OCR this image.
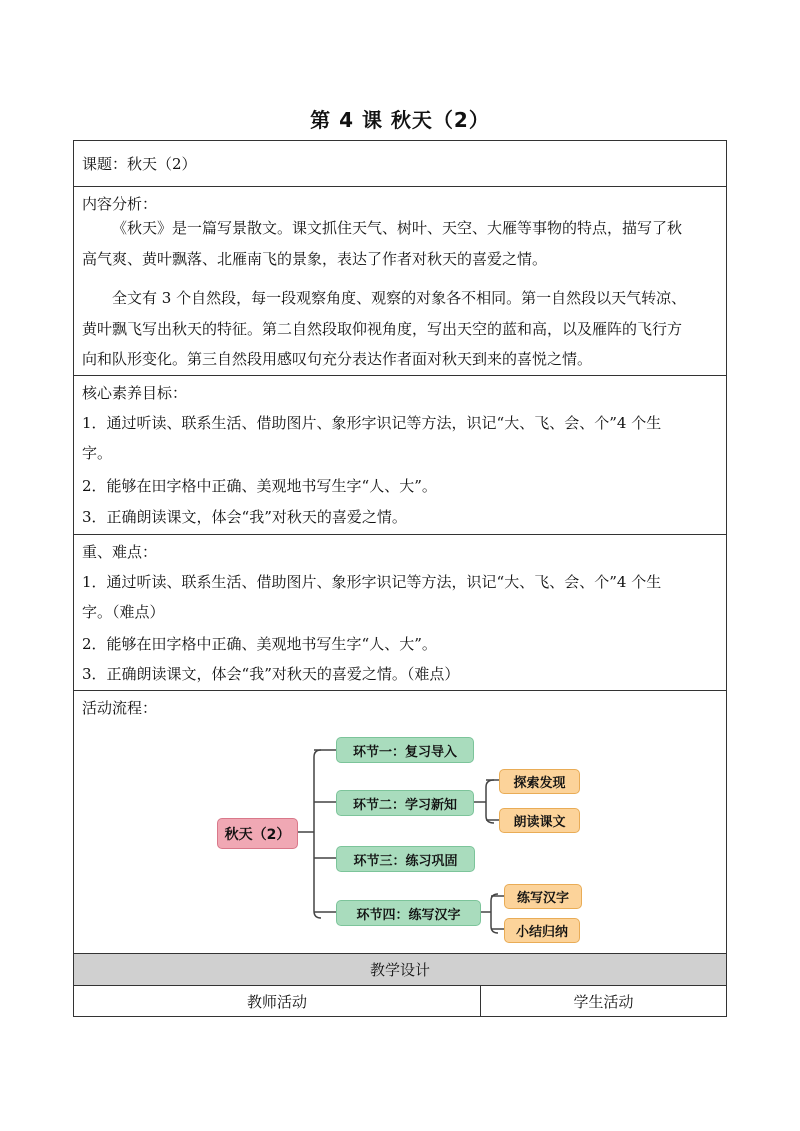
第 4 课 秋天（2）
课题：秋天（2）
内容分析：
《秋天》是一篇写景散文。课文抓住天气、树叶、天空、大雁等事物的特点，描写了秋
高气爽、黄叶飘落、北雁南飞的景象，表达了作者对秋天的喜爱之情。
全文有 3 个自然段，每一段观察角度、观察的对象各不相同。第一自然段以天气转凉、
黄叶飘飞写出秋天的特征。第二自然段取仰视角度，写出天空的蓝和高，以及雁阵的飞行方
向和队形变化。第三自然段用感叹句充分表达作者面对秋天到来的喜悦之情。
核心素养目标：
1．通过听读、联系生活、借助图片、象形字识记等方法，识记“大、飞、会、个”4 个生
字。
2．能够在田字格中正确、美观地书写生字“人、大”。
3．正确朗读课文，体会“我”对秋天的喜爱之情。
重、难点：
1．通过听读、联系生活、借助图片、象形字识记等方法，识记“大、飞、会、个”4 个生
字。（难点）
2．能够在田字格中正确、美观地书写生字“人、大”。
3．正确朗读课文，体会“我”对秋天的喜爱之情。（难点）
活动流程：
秋天（2）
环节一：复习导入
环节二：学习新知
探索发现
朗读课文
环节三：练习巩固
环节四：练写汉字
练写汉字
小结归纳
教学设计
教师活动	学生活动
